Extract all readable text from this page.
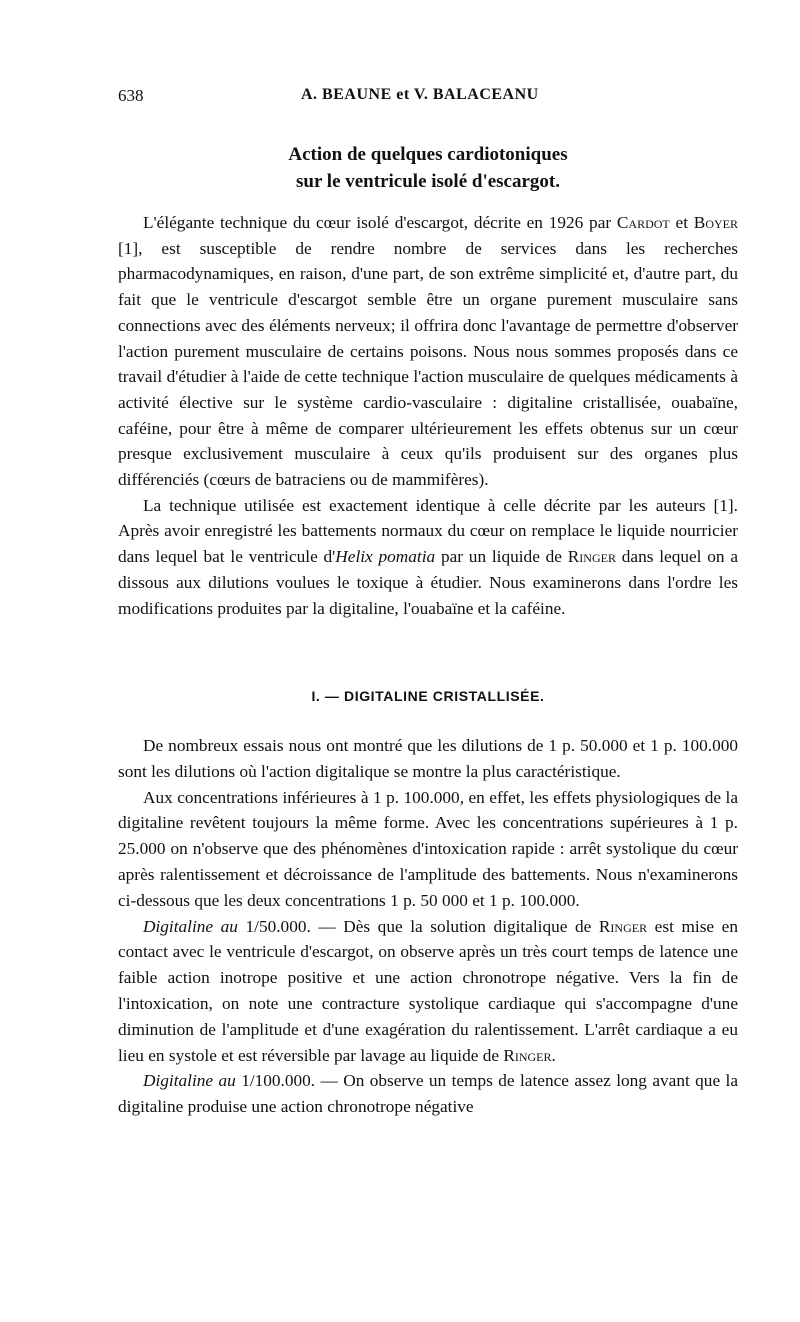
638	A. BEAUNE et V. BALACEANU
Action de quelques cardiotoniques
sur le ventricule isolé d'escargot.

L'élégante technique du cœur isolé d'escargot, décrite en 1926 par Cardot et Boyer [1], est susceptible de rendre nombre de services dans les recherches pharmacodynamiques, en raison, d'une part, de son extrême simplicité et, d'autre part, du fait que le ventricule d'escargot semble être un organe purement musculaire sans connections avec des éléments nerveux; il offrira donc l'avantage de permettre d'observer l'action purement musculaire de certains poisons. Nous nous sommes proposés dans ce travail d'étudier à l'aide de cette technique l'action musculaire de quelques médicaments à activité élective sur le système cardio-vasculaire : digitaline cristallisée, ouabaïne, caféine, pour être à même de comparer ultérieurement les effets obtenus sur un cœur presque exclusivement musculaire à ceux qu'ils produisent sur des organes plus différenciés (cœurs de batraciens ou de mammifères).

La technique utilisée est exactement identique à celle décrite par les auteurs [1]. Après avoir enregistré les battements normaux du cœur on remplace le liquide nourricier dans lequel bat le ventricule d'Helix pomatia par un liquide de Ringer dans lequel on a dissous aux dilutions voulues le toxique à étudier. Nous examinerons dans l'ordre les modifications produites par la digitaline, l'ouabaïne et la caféine.

I. — DIGITALINE CRISTALLISÉE.

De nombreux essais nous ont montré que les dilutions de 1 p. 50.000 et 1 p. 100.000 sont les dilutions où l'action digitalique se montre la plus caractéristique.

Aux concentrations inférieures à 1 p. 100.000, en effet, les effets physiologiques de la digitaline revêtent toujours la même forme. Avec les concentrations supérieures à 1 p. 25.000 on n'observe que des phénomènes d'intoxication rapide : arrêt systolique du cœur après ralentissement et décroissance de l'amplitude des battements. Nous n'examinerons ci-dessous que les deux concentrations 1 p. 50 000 et 1 p. 100.000.

Digitaline au 1/50.000. — Dès que la solution digitalique de Ringer est mise en contact avec le ventricule d'escargot, on observe après un très court temps de latence une faible action inotrope positive et une action chronotrope négative. Vers la fin de l'intoxication, on note une contracture systolique cardiaque qui s'accompagne d'une diminution de l'amplitude et d'une exagération du ralentissement. L'arrêt cardiaque a eu lieu en systole et est réversible par lavage au liquide de Ringer.

Digitaline au 1/100.000. — On observe un temps de latence assez long avant que la digitaline produise une action chronotrope négative
